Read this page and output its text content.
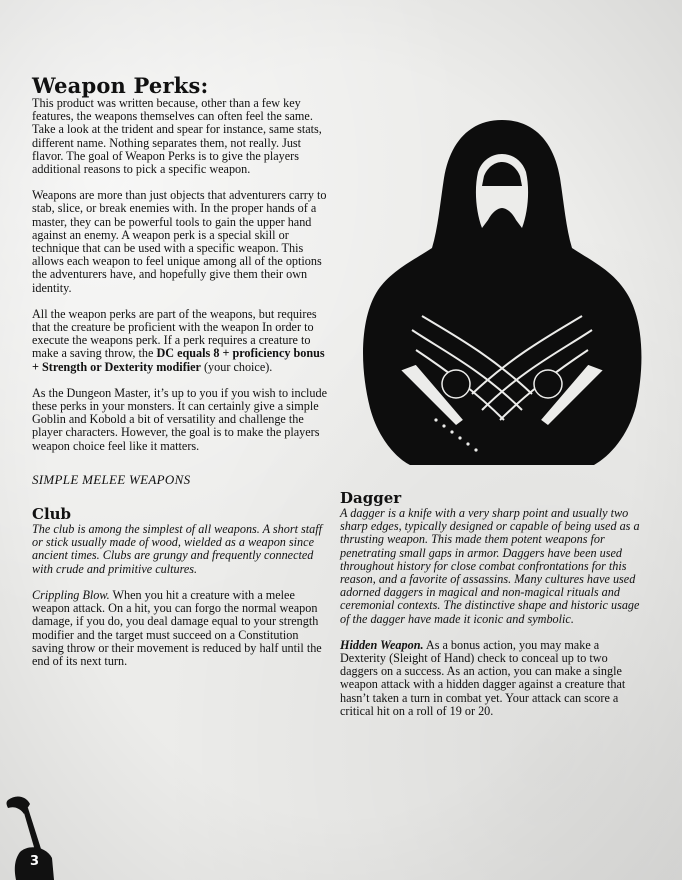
Weapon Perks:

This product was written because, other than a few key features, the weapons themselves can often feel the same. Take a look at the trident and spear for instance, same stats, different name. Nothing separates them, not really. Just flavor. The goal of Weapon Perks is to give the players additional reasons to pick a specific weapon.

Weapons are more than just objects that adventurers carry to stab, slice, or break enemies with. In the proper hands of a master, they can be powerful tools to gain the upper hand against an enemy. A weapon perk is a special skill or technique that can be used with a specific weapon. This allows each weapon to feel unique among all of the options the adventurers have, and hopefully give them their own identity.

All the weapon perks are part of the weapons, but requires that the creature be proficient with the weapon In order to execute the weapons perk. If a perk requires a creature to make a saving throw, the DC equals 8 + proficiency bonus + Strength or Dexterity modifier (your choice).

As the Dungeon Master, it’s up to you if you wish to include these perks in your monsters. It can certainly give a simple Goblin and Kobold a bit of versatility and challenge the player characters. However, the goal is to make the players weapon choice feel like it matters.

SIMPLE MELEE WEAPONS

Club

The club is among the simplest of all weapons. A short staff or stick usually made of wood, wielded as a weapon since ancient times. Clubs are grungy and frequently connected with crude and primitive cultures.

Crippling Blow. When you hit a creature with a melee weapon attack. On a hit, you can forgo the normal weapon damage, if you do, you deal damage equal to your strength modifier and the target must succeed on a Constitution saving throw or their movement is reduced by half until the end of its next turn.

Dagger

A dagger is a knife with a very sharp point and usually two sharp edges, typically designed or capable of being used as a thrusting weapon. This made them potent weapons for penetrating small gaps in armor. Daggers have been used throughout history for close combat confrontations for this reason, and a favorite of assassins. Many cultures have used adorned daggers in magical and non-magical rituals and ceremonial contexts. The distinctive shape and historic usage of the dagger have made it iconic and symbolic.

Hidden Weapon. As a bonus action, you may make a Dexterity (Sleight of Hand) check to conceal up to two daggers on a success. As an action, you can make a single weapon attack with a hidden dagger against a creature that hasn’t taken a turn in combat yet. Your attack can score a critical hit on a roll of 19 or 20.

3
